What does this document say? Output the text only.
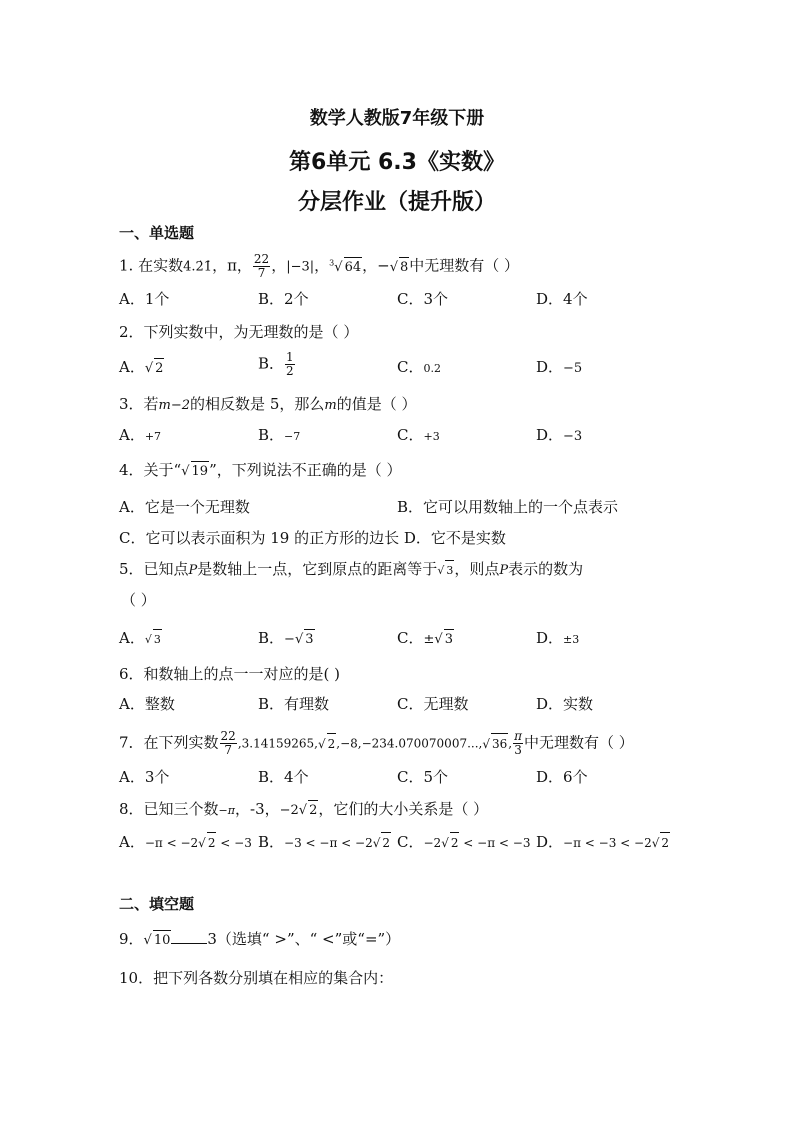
数学人教版7年级下册
第6单元 6.3《实数》
分层作业（提升版）
一、单选题
1. 在实数4.2̇1̇，π， $\frac{22}{7}$ ，|−3|，$^3$√ 64，−√ 8中无理数有（ ）
A．1个	B．2个	C．3个	D．4个
2．下列实数中，为无理数的是（ ）
A．√ 2	B． $\frac{1}{2}$	C．0.2	D．−5
3．若m−2的相反数是 5，那么m的值是（ ）
A．+7	B．−7	C．+3	D．−3
4．关于“√ 19”，下列说法不正确的是（ ）
A．它是一个无理数	B．它可以用数轴上的一个点表示
C．它可以表示面积为 19 的正方形的边长 D．它不是实数
5．已知点P是数轴上一点，它到原点的距离等于√ 3，则点P表示的数为
（ ）
A．√ 3	B．−√ 3	C．±√ 3	D．±3
6．和数轴上的点一一对应的是( )
A．整数	B．有理数	C．无理数	D．实数
7．在下列实数 $\frac{22}{7} ,3.14159265,√$ 2,−8,−234.070070007...,√ 36, $\frac{\pi}{3}$ 中无理数有（ ）
A．3个	B．4个	C．5个	D．6个
8．已知三个数−π，-3，−2√ 2，它们的大小关系是（ ）
A．−π < −2√ 2 < −3 B．−3 < −π < −2√ 2 C．−2√ 2 < −π < −3 D．−π < −3 < −2√ 2
二、填空题
9．√ 10 3（选填“ >”、“ <”或“=”）
10．把下列各数分别填在相应的集合内：
